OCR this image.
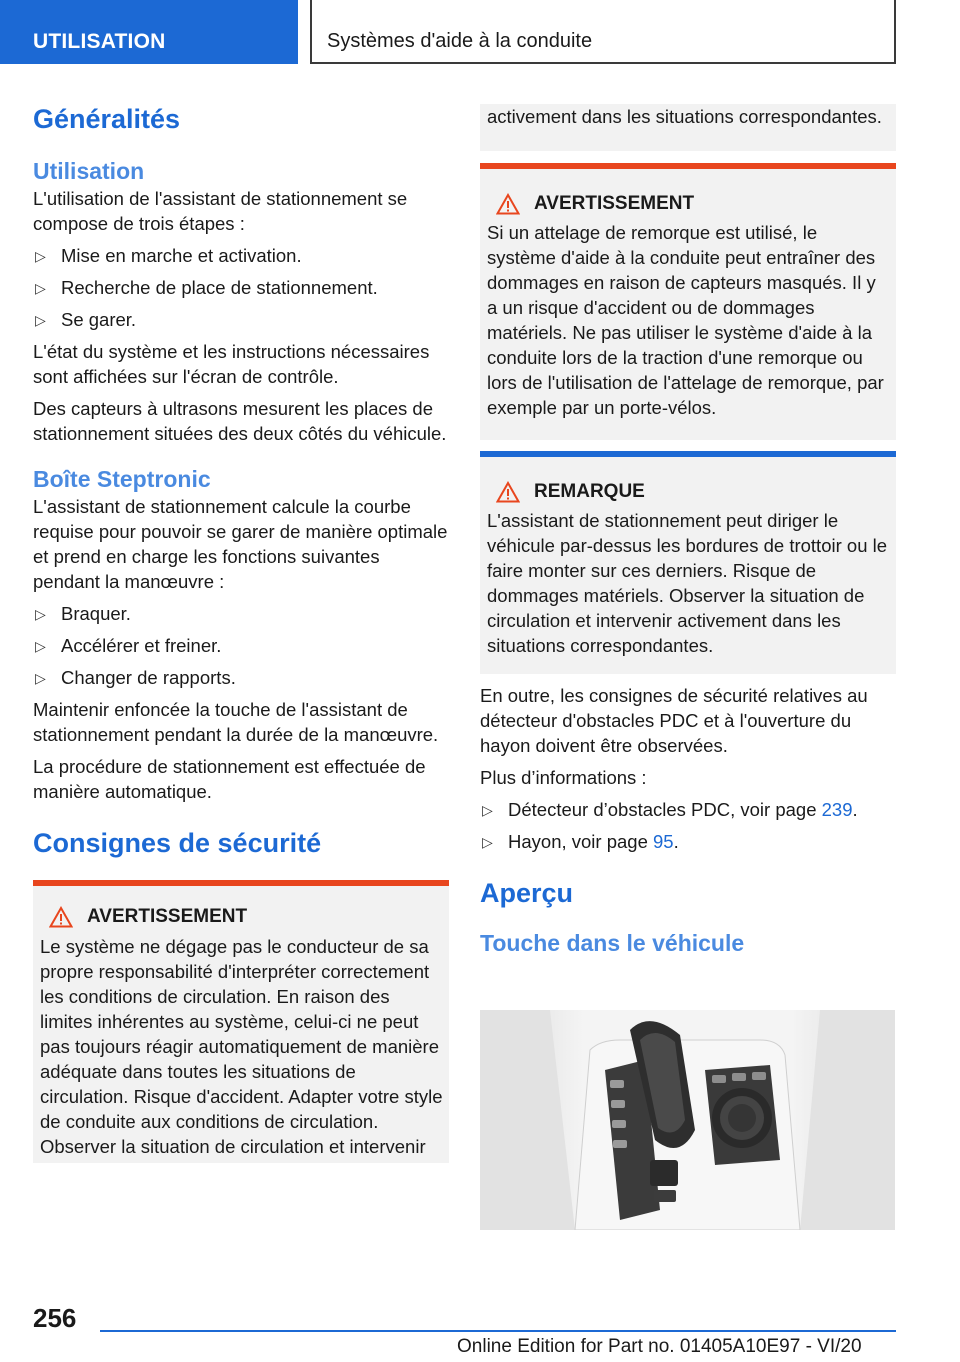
UTILISATION	Systèmes d'aide à la conduite
Généralités
Utilisation

L'utilisation de l'assistant de stationnement se compose de trois étapes :

▷ Mise en marche et activation.
▷ Recherche de place de stationnement.
▷ Se garer.

L'état du système et les instructions nécessaires sont affichées sur l'écran de contrôle.

Des capteurs à ultrasons mesurent les places de stationnement situées des deux côtés du véhicule.

Boîte Steptronic

L'assistant de stationnement calcule la courbe requise pour pouvoir se garer de manière optimale et prend en charge les fonctions suivantes pendant la manœuvre :

▷ Braquer.
▷ Accélérer et freiner.
▷ Changer de rapports.

Maintenir enfoncée la touche de l'assistant de stationnement pendant la durée de la manœuvre.

La procédure de stationnement est effectuée de manière automatique.

Consignes de sécurité
AVERTISSEMENT

Le système ne dégage pas le conducteur de sa propre responsabilité d'interpréter correctement les conditions de circulation. En raison des limites inhérentes au système, celui-ci ne peut pas toujours réagir automatiquement de manière adéquate dans toutes les situations de circulation. Risque d'accident. Adapter votre style de conduite aux conditions de circulation. Observer la situation de circulation et intervenir

activement dans les situations correspondantes.

AVERTISSEMENT

Si un attelage de remorque est utilisé, le système d'aide à la conduite peut entraîner des dommages en raison de capteurs masqués. Il y a un risque d'accident ou de dommages matériels. Ne pas utiliser le système d'aide à la conduite lors de la traction d'une remorque ou lors de l'utilisation de l'attelage de remorque, par exemple par un porte-vélos.

REMARQUE

L'assistant de stationnement peut diriger le véhicule par-dessus les bordures de trottoir ou le faire monter sur ces derniers. Risque de dommages matériels. Observer la situation de circulation et intervenir activement dans les situations correspondantes.

En outre, les consignes de sécurité relatives au détecteur d'obstacles PDC et à l'ouverture du hayon doivent être observées.

Plus d’informations :

▷ Détecteur d’obstacles PDC, voir page 239.
▷ Hayon, voir page 95.
Aperçu
Touche dans le véhicule
256
Online Edition for Part no. 01405A10E97 - VI/20
